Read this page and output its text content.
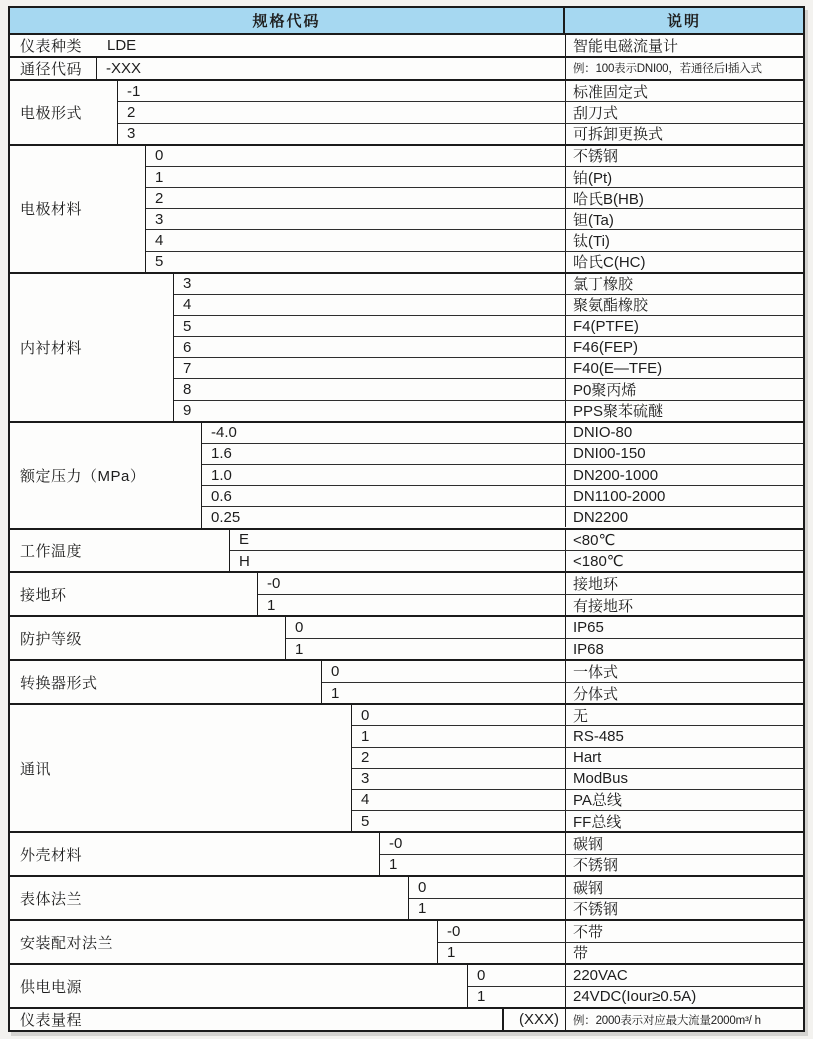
规格代码	说明
仪表种类	LDE	智能电磁流量计
通径代码	-XXX	例：100表示DNI00，若通径后I插入式
电极形式
-1	标准固定式
2	刮刀式
3	可拆卸更换式
电极材料
0	不锈钢
1	铂(Pt)
2	哈氏B(HB)
3	钽(Ta)
4	钛(Ti)
5	哈氏C(HC)
内衬材料
3	氯丁橡胶
4	聚氨酯橡胶
5	F4(PTFE)
6	F46(FEP)
7	F40(E—TFE)
8	P0聚丙烯
9	PPS聚苯硫醚
额定压力（MPa）
-4.0	DNIO-80
1.6	DNI00-150
1.0	DN200-1000
0.6	DN1100-2000
0.25	DN2200
工作温度
E	<80℃
H	<180℃
接地环
-0	接地环
1	有接地环
防护等级
0	IP65
1	IP68
转换器形式
0	一体式
1	分体式
通讯
0	无
1	RS-485
2	Hart
3	ModBus
4	PA总线
5	FF总线
外壳材料
-0	碳钢
1	不锈钢
表体法兰
0	碳钢
1	不锈钢
安装配对法兰
-0	不带
1	带
供电电源
0	220VAC
1	24VDC(Iour≥0.5A)
仪表量程	(XXX)	例：2000表示对应最大流量2000m³/ h
